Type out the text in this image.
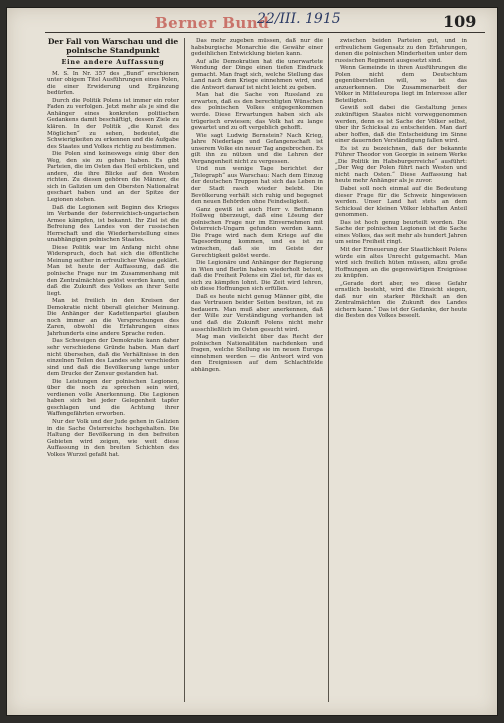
Berner Bund
22/III. 1915	109
Der Fall von Warschau und die polnische Standpunkt
Eine andere Auffassung

M. S. In Nr. 357 des „Bund“ erschienen unter obigem Titel Ausführungen eines Polen, die einer Erwiderung und Ergänzung bedürfen.

Durch die Politik Polens ist immer ein roter Faden zu verfolgen. Jetzt mehr als je sind die Anhänger eines konkreten politischen Gedankens damit beschäftigt, dessen Ziele zu klären. In der Politik „die Kunst des Möglichen“ zu sehen, bedeutet, die Schwierigkeiten zu erkennen und die Aufgabe des Staates und Volkes richtig zu bestimmen.

Die Polen sind keineswegs einig über den Weg, den sie zu gehen haben. Es gibt Parteien, die im Osten das Heil erblicken, und andere, die ihre Blicke auf den Westen richten. Zu diesen gehören die Männer, die sich in Galizien um den Obersten Nationalrat geschart haben und an der Spitze der Legionen stehen.

Daß die Legionen seit Beginn des Krieges im Verbande der österreichisch-ungarischen Armee kämpfen, ist bekannt. Ihr Ziel ist die Befreiung des Landes von der russischen Herrschaft und die Wiederherstellung eines unabhängigen polnischen Staates.

Diese Politik war im Anfang nicht ohne Widerspruch, doch hat sich die öffentliche Meinung seither in erfreulicher Weise geklärt. Man ist heute der Auffassung, daß die polnische Frage nur im Zusammenhang mit den Zentralmächten gelöst werden kann, und daß die Zukunft des Volkes an ihrer Seite liegt.

Man ist freilich in den Kreisen der Demokratie nicht überall gleicher Meinung. Die Anhänger der Kadettenpartei glauben noch immer an die Versprechungen des Zaren, obwohl die Erfahrungen eines Jahrhunderts eine andere Sprache reden.

Das Schweigen der Demokratie kann daher sehr verschiedene Gründe haben. Man darf nicht übersehen, daß die Verhältnisse in den einzelnen Teilen des Landes sehr verschieden sind und daß die Bevölkerung lange unter dem Drucke der Zensur gestanden hat.

Die Leistungen der polnischen Legionen, über die noch zu sprechen sein wird, verdienen volle Anerkennung. Die Legionen haben sich bei jeder Gelegenheit tapfer geschlagen und die Achtung ihrer Waffengefährten erworben.

Nur der Volk und der Jude gehen in Galizien in die Sache Österreichs hochgehalten. Die Haltung der Bevölkerung in den befreiten Gebieten wird zeigen, wie weit diese Auffassung in den breiten Schichten des Volkes Wurzel gefaßt hat.

Das mehr zugeben müssen, daß nur die habsburgische Monarchie die Gewähr einer gedeihlichen Entwicklung bieten kann.

Auf alle Demokratien hat die unerwartete Wendung der Dinge einen tiefen Eindruck gemacht. Man fragt sich, welche Stellung das Land nach dem Kriege einnehmen wird, und die Antwort darauf ist nicht leicht zu geben.

Man hat die Sache von Russland zu erwarten, daß es den berechtigten Wünschen des polnischen Volkes entgegenkommen werde. Diese Erwartungen haben sich als trügerisch erwiesen; das Volk hat zu lange gewartet und zu oft vergeblich gehofft.

Wie sagt Ludwig Bernstein? Nach Krieg, Jahre Niederlage und Gefangenschaft ist unserem Volke ein neuer Tag angebrochen. Es gilt ihn zu nützen und die Lehren der Vergangenheit nicht zu vergessen.

Und nun wenige Tage berichtet der „Telegraph“ aus Warschau: Nach dem Einzug der deutschen Truppen hat sich das Leben in der Stadt rasch wieder belebt. Die Bevölkerung verhält sich ruhig und begegnet den neuen Behörden ohne Feindseligkeit.

Ganz gewiß ist auch Herr v. Bethmann Hollweg überzeugt, daß eine Lösung der polnischen Frage nur im Einvernehmen mit Österreich-Ungarn gefunden werden kann. Die Frage wird nach dem Kriege auf die Tagesordnung kommen, und es ist zu wünschen, daß sie im Geiste der Gerechtigkeit gelöst werde.

Die Legionäre und Anhänger der Regierung in Wien und Berlin haben wiederholt betont, daß die Freiheit Polens ein Ziel ist, für das es sich zu kämpfen lohnt. Die Zeit wird lehren, ob diese Hoffnungen sich erfüllen.

Daß es heute nicht genug Männer gibt, die das Vertrauen beider Seiten besitzen, ist zu bedauern. Man muß aber anerkennen, daß der Wille zur Verständigung vorhanden ist und daß die Zukunft Polens nicht mehr ausschließlich im Osten gesucht wird.

Mag man vielleicht über das Recht der polnischen Nationalitäten nachdenken und fragen, welche Stellung sie im neuen Europa einnehmen werden — die Antwort wird von den Ereignissen auf dem Schlachtfelde abhängen.

zwischen beiden Parteien gut, und in erfreulichem Gegensatz zu den Erfahrungen, denen die polnischen Minderheiten unter dem russischen Regiment ausgesetzt sind.

Wenn Gemeinde in ihren Ausführungen die Polen nicht dem Deutschtum gegenüberstellen will, so ist das anzuerkennen. Die Zusammenarbeit der Völker in Mitteleuropa liegt im Interesse aller Beteiligten.

Gewiß soll dabei die Gestaltung jenes zukünftigen Staates nicht vorweggenommen werden, denn es ist Sache der Völker selbst, über ihr Schicksal zu entscheiden. Man darf aber hoffen, daß die Entscheidung im Sinne einer dauernden Verständigung fallen wird.

Es ist zu bezeichnen, daß der bekannte Führer Theodor von Georgie in seinem Werke „Die Politik im Habsburgerreiche“ ausführt: „Der Weg der Polen führt nach Westen und nicht nach Osten.“ Diese Auffassung hat heute mehr Anhänger als je zuvor.

Dabei soll noch einmal auf die Bedeutung dieser Frage für die Schweiz hingewiesen werden. Unser Land hat stets an dem Schicksal der kleinen Völker lebhaften Anteil genommen.

Das ist hoch genug beurteilt worden. Die Sache der polnischen Legionen ist die Sache eines Volkes, das seit mehr als hundert Jahren um seine Freiheit ringt.

Mit der Erneuerung der Staatlichkeit Polens würde ein altes Unrecht gutgemacht. Man wird sich freilich hüten müssen, allzu große Hoffnungen an die gegenwärtigen Ereignisse zu knüpfen.

„Gerade dort aber, wo diese Gefahr ernstlich besteht, wird die Einsicht siegen, daß nur ein starker Rückhalt an den Zentralmächten die Zukunft des Landes sichern kann.“ Das ist der Gedanke, der heute die Besten des Volkes beseelt.
